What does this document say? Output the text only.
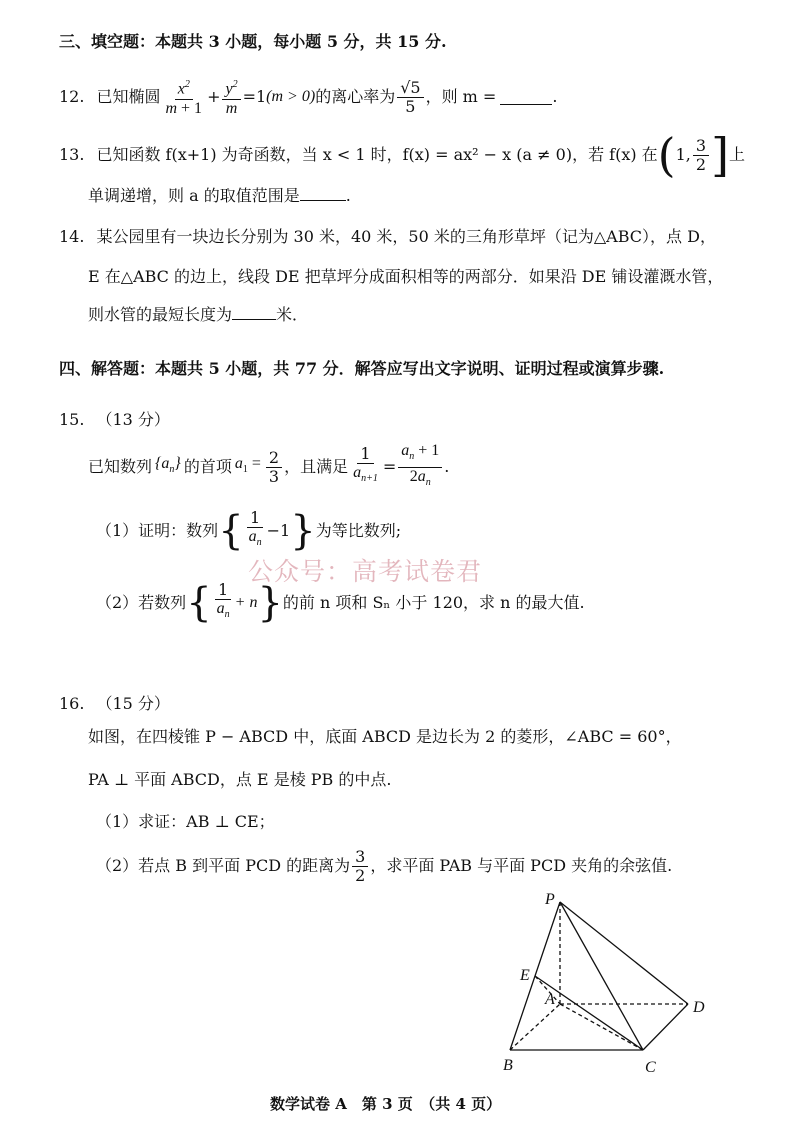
三、填空题：本题共 3 小题，每小题 5 分，共 15 分.
12. 已知椭圆 $\frac{x^2}{m + 1} + \frac{y^2}{m} =1$ (m > 0) 的离心率为 $\frac{√5}{5}$ ，则 m =	.
13. 已知函数 f(x+1) 为奇函数，当 x < 1 时， f(x) = ax² − x (a ≠ 0)，若 f(x) 在 ( 1, $\frac{3}{2}$ ] 上
单调递增，则 a 的取值范围是	.
14. 某公园里有一块边长分别为 30 米，40 米，50 米的三角形草坪（记为△ABC），点 D，
E 在△ABC 的边上，线段 DE 把草坪分成面积相等的两部分．如果沿 DE 铺设灌溉水管，
则水管的最短长度为	米．
四、解答题：本题共 5 小题，共 77 分．解答应写出文字说明、证明过程或演算步骤.
15. （13 分）
已知数列 $\{a_n\}$ 的首项 $a_1 = \frac{2}{3}$ ，且满足 $\frac{1}{a_{n+1}} = \frac{a_n + 1}{2a_n}$ .
（1）证明：数列 { $\frac{1}{a_n} -1$ } 为等比数列;
公众号：高考试卷君
（2）若数列 { $\frac{1}{a_n} + n$ } 的前 n 项和 Sₙ 小于 120，求 n 的最大值.
16. （15 分）
如图，在四棱锥 P − ABCD 中，底面 ABCD 是边长为 2 的菱形，∠ABC = 60°，
PA ⊥ 平面 ABCD，点 E 是棱 PB 的中点.
（1）求证：AB ⊥ CE；
（2）若点 B 到平面 PCD 的距离为 $\frac{3}{2}$ ，求平面 PAB 与平面 PCD 夹角的余弦值.
P
E
A	D
B	C
数学试卷 A　第 3 页　（共 4 页）
